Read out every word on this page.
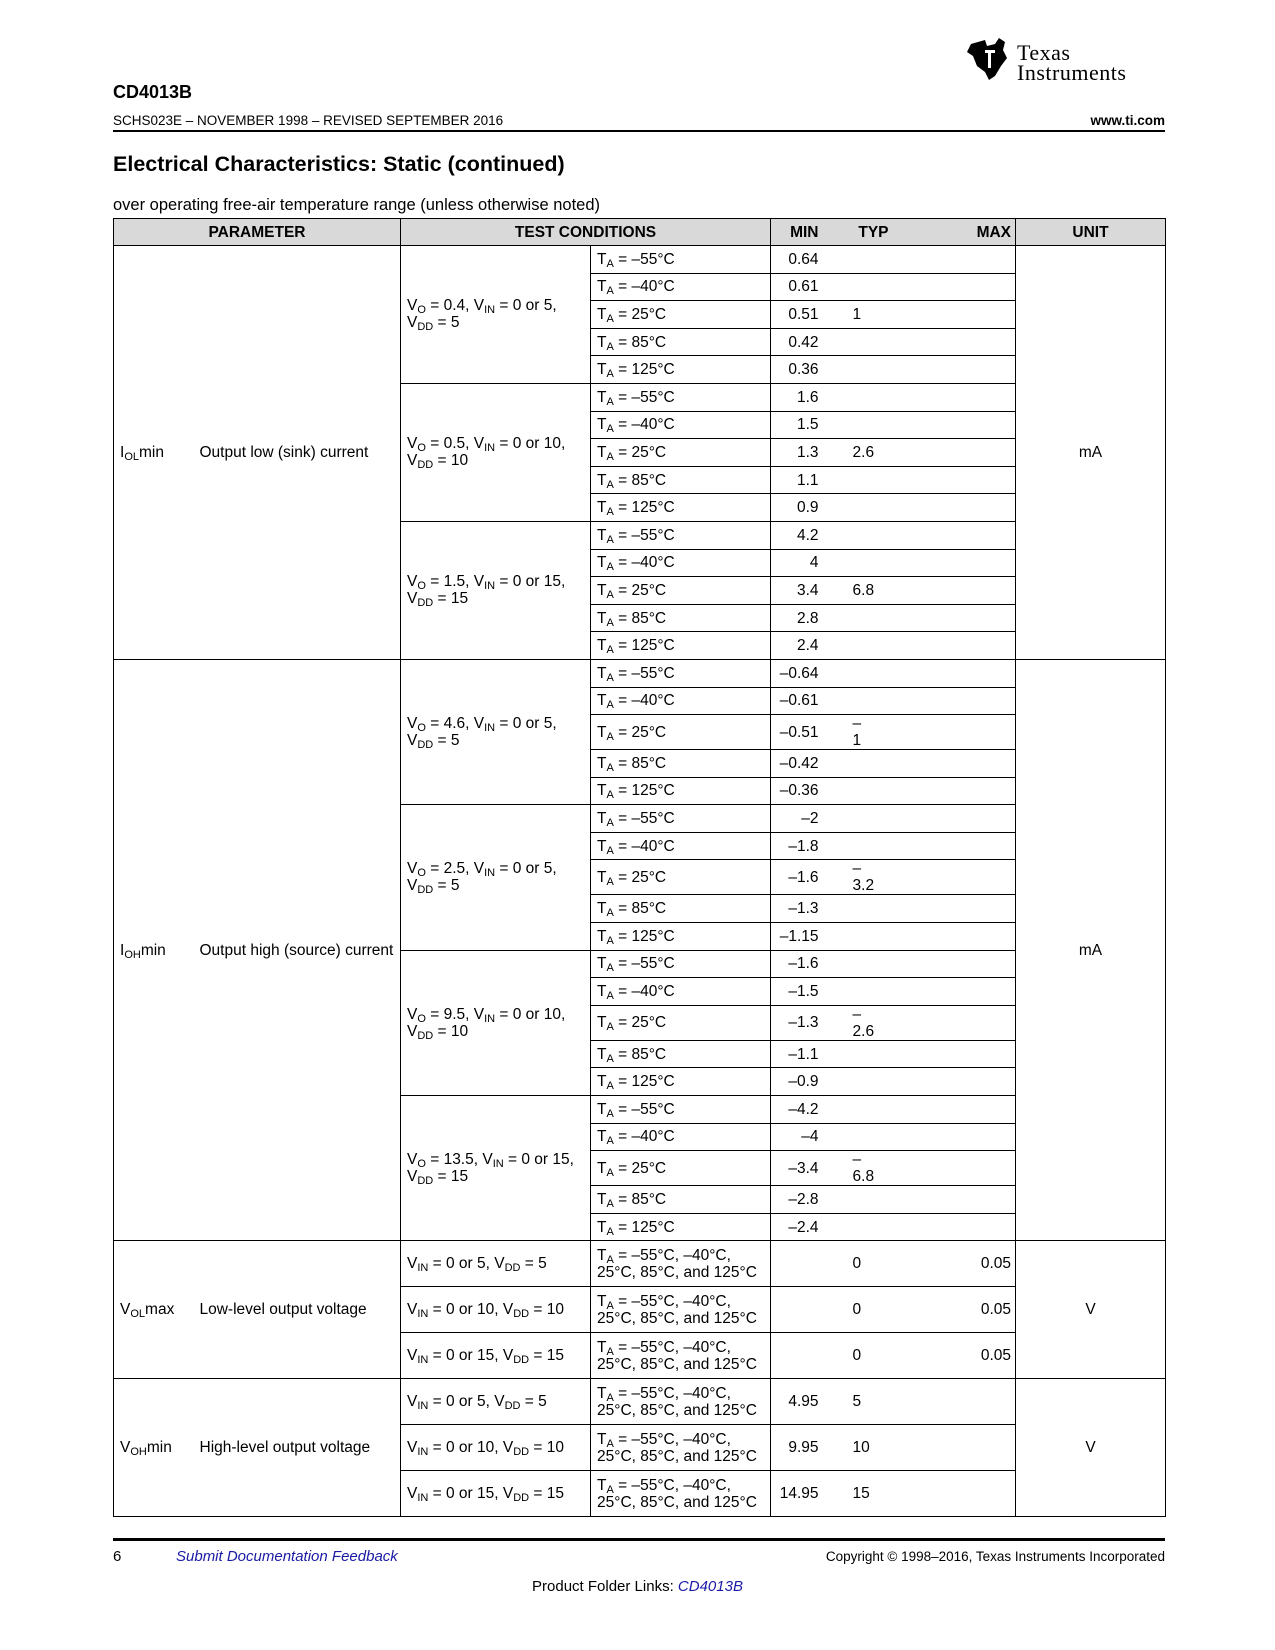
Texas
Instruments
CD4013B
SCHS023E – NOVEMBER 1998 – REVISED SEPTEMBER 2016	www.ti.com
Electrical Characteristics: Static (continued)
over operating free-air temperature range (unless otherwise noted)
PARAMETER		TEST CONDITIONS		MIN	TYP	MAX	UNIT
$I_{OL}\min$	Output low (sink) current	$V_O = 0.4$, $V_{IN} = 0$ or 5,
$V_{DD} = 5$	$T_A = -55^\circ C$	0.64			mA
			$T_A = -40^\circ C$	0.61			
			$T_A = 25^\circ C$	0.51	1		
			$T_A = 85^\circ C$	0.42			
			$T_A = 125^\circ C$	0.36			
		$V_O = 0.5$, $V_{IN} = 0$ or 10,
$V_{DD} = 10$	$T_A = -55^\circ C$	1.6			
			$T_A = -40^\circ C$	1.5			
			$T_A = 25^\circ C$	1.3	2.6		
			$T_A = 85^\circ C$	1.1			
			$T_A = 125^\circ C$	0.9			
		$V_O = 1.5$, $V_{IN} = 0$ or 15,
$V_{DD} = 15$	$T_A = -55^\circ C$	4.2			
			$T_A = -40^\circ C$	4			
			$T_A = 25^\circ C$	3.4	6.8		
			$T_A = 85^\circ C$	2.8			
			$T_A = 125^\circ C$	2.4			
$I_{OH}\min$	Output high (source) current	$V_O = 4.6$, $V_{IN} = 0$ or 5,
$V_{DD} = 5$	$T_A = -55^\circ C$	–0.64			mA
			$T_A = -40^\circ C$	–0.61			
			$T_A = 25^\circ C$	–0.51	–1		
			$T_A = 85^\circ C$	–0.42			
			$T_A = 125^\circ C$	–0.36			
		$V_O = 2.5$, $V_{IN} = 0$ or 5,
$V_{DD} = 5$	$T_A = -55^\circ C$	–2			
			$T_A = -40^\circ C$	–1.8			
			$T_A = 25^\circ C$	–1.6	–3.2		
			$T_A = 85^\circ C$	–1.3			
			$T_A = 125^\circ C$	–1.15			
		$V_O = 9.5$, $V_{IN} = 0$ or 10,
$V_{DD} = 10$	$T_A = -55^\circ C$	–1.6			
			$T_A = -40^\circ C$	–1.5			
			$T_A = 25^\circ C$	–1.3	–2.6		
			$T_A = 85^\circ C$	–1.1			
			$T_A = 125^\circ C$	–0.9			
		$V_O = 13.5$, $V_{IN} = 0$ or 15,
$V_{DD} = 15$	$T_A = -55^\circ C$	–4.2			
			$T_A = -40^\circ C$	–4			
			$T_A = 25^\circ C$	–3.4	–6.8		
			$T_A = 85^\circ C$	–2.8			
			$T_A = 125^\circ C$	–2.4			
$V_{OL}\max$	Low-level output voltage	$V_{IN} = 0$ or 5, $V_{DD} = 5$	$T_A = -55^\circ C$, –40°C,
25°C, 85°C, and 125°C		0	0.05	V
		$V_{IN} = 0$ or 10, $V_{DD} = 10$	$T_A = -55^\circ C$, –40°C,
25°C, 85°C, and 125°C		0	0.05	
		$V_{IN} = 0$ or 15, $V_{DD} = 15$	$T_A = -55^\circ C$, –40°C,
25°C, 85°C, and 125°C		0	0.05	
$V_{OH}\min$	High-level output voltage	$V_{IN} = 0$ or 5, $V_{DD} = 5$	$T_A = -55^\circ C$, –40°C,
25°C, 85°C, and 125°C	4.95	5		V
		$V_{IN} = 0$ or 10, $V_{DD} = 10$	$T_A = -55^\circ C$, –40°C,
25°C, 85°C, and 125°C	9.95	10		
		$V_{IN} = 0$ or 15, $V_{DD} = 15$	$T_A = -55^\circ C$, –40°C,
25°C, 85°C, and 125°C	14.95	15		
6	Submit Documentation Feedback	Copyright © 1998–2016, Texas Instruments Incorporated
Product Folder Links: CD4013B
